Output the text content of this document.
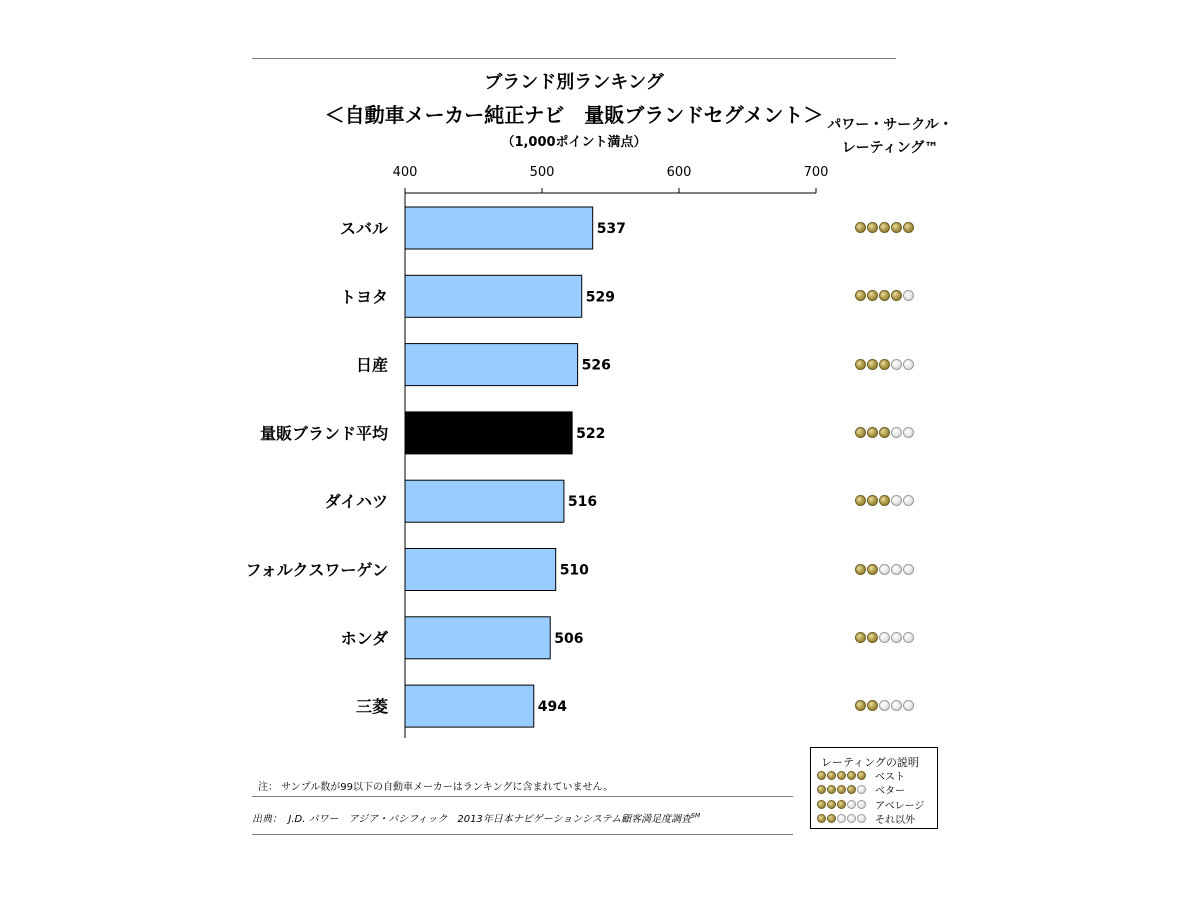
ブランド別ランキング
＜自動車メーカー純正ナビ　量販ブランドセグメント＞
（1,000ポイント満点）
パワー・サークル・
レーティング™
400	500	600	700
537
スバル
529
トヨタ
526
日産
522
量販ブランド平均
516
ダイハツ
510
フォルクスワーゲン
506
ホンダ
494
三菱
レーティングの説明
ベスト
ベター
アベレージ
それ以外
注： サンプル数が99以下の自動車メーカーはランキングに含まれていません。
出典： J.D. パワー　アジア・パシフィック　2013年日本ナビゲーションシステム顧客満足度調査℠
